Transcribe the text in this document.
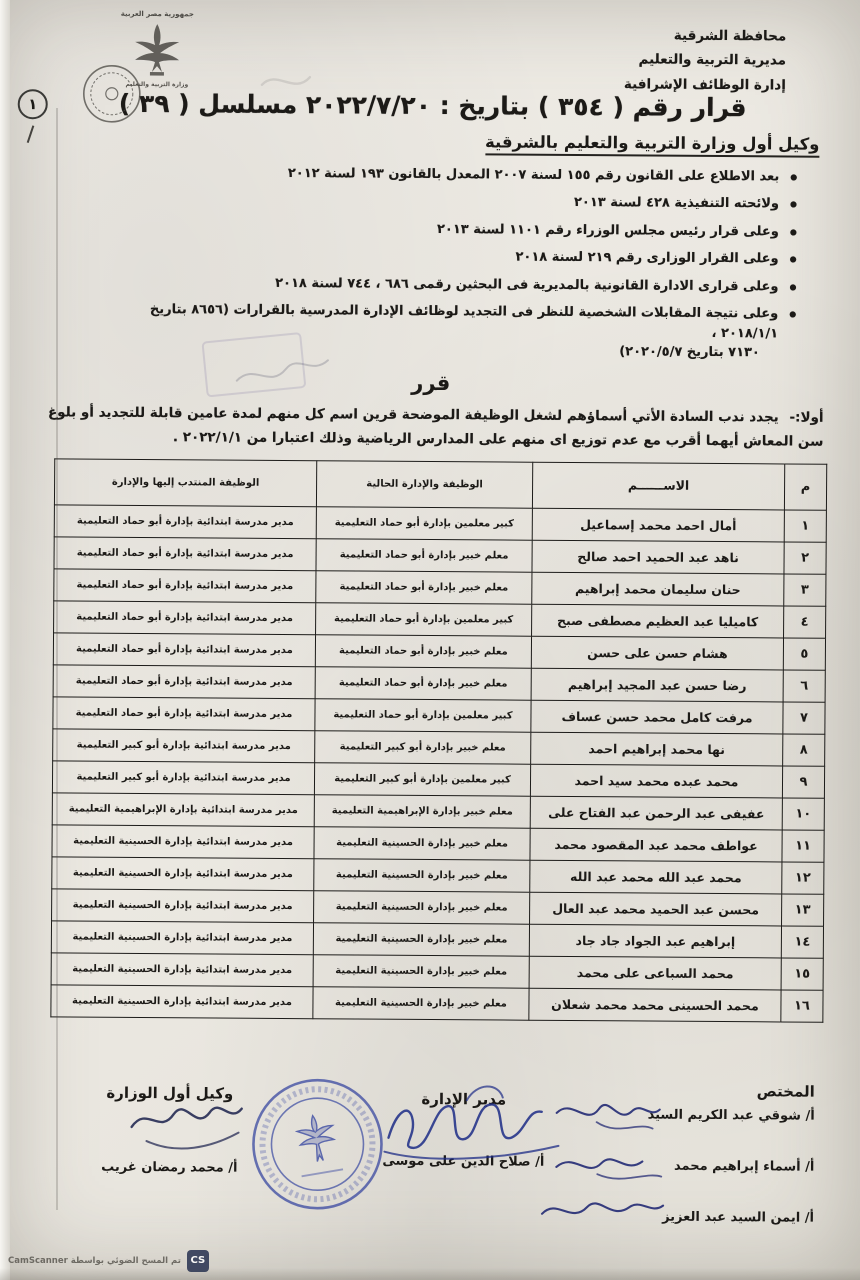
محافظة الشرقية
مديرية التربية والتعليم
إدارة الوظائف الإشرافية
جمهورية مصر العربية
وزارة التربية والتعليم
١	قرار رقم ( ٣٥٤ ) بتاريخ : ٢٠٢٢/٧/٢٠ مسلسل ( ٣٩ )
وكيل أول وزارة التربية والتعليم بالشرقية
● بعد الاطلاع على القانون رقم ١٥٥ لسنة ٢٠٠٧ المعدل بالقانون ١٩٣ لسنة ٢٠١٢
● ولائحته التنفيذية ٤٢٨ لسنة ٢٠١٣
● وعلى قرار رئيس مجلس الوزراء رقم ١١٠١ لسنة ٢٠١٣
● وعلى القرار الوزارى رقم ٢١٩ لسنة ٢٠١٨
● وعلى قرارى الادارة القانونية بالمديرية فى البحثين رقمى ٦٨٦ ، ٧٤٤ لسنة ٢٠١٨
● وعلى نتيجة المقابلات الشخصية للنظر فى التجديد لوظائف الإدارة المدرسية بالقرارات (٨٦٥٦ بتاريخ ٢٠١٨/١/١ ،
٧١٣٠ بتاريخ ٢٠٢٠/٥/٧)
قرر

أولا:- يجدد ندب السادة الأتي أسماؤهم لشغل الوظيفة الموضحة قرين اسم كل منهم لمدة عامين قابلة للتجديد أو بلوغ سن المعاش أيهما أقرب مع عدم توزيع اى منهم على المدارس الرياضية وذلك اعتبارا من ٢٠٢٢/١/١ .

م	الاســــــم	الوظيفة والإدارة الحالية	الوظيفة المنتدب إليها والإدارة
١	أمال احمد محمد إسماعيل	كبير معلمين بإدارة أبو حماد التعليمية	مدير مدرسة ابتدائية بإدارة أبو حماد التعليمية
٢	ناهد عبد الحميد احمد صالح	معلم خبير بإدارة أبو حماد التعليمية	مدير مدرسة ابتدائية بإدارة أبو حماد التعليمية
٣	حنان سليمان محمد إبراهيم	معلم خبير بإدارة أبو حماد التعليمية	مدير مدرسة ابتدائية بإدارة أبو حماد التعليمية
٤	كاميليا عبد العظيم مصطفى صبح	كبير معلمين بإدارة أبو حماد التعليمية	مدير مدرسة ابتدائية بإدارة أبو حماد التعليمية
٥	هشام حسن على حسن	معلم خبير بإدارة أبو حماد التعليمية	مدير مدرسة ابتدائية بإدارة أبو حماد التعليمية
٦	رضا حسن عبد المجيد إبراهيم	معلم خبير بإدارة أبو حماد التعليمية	مدير مدرسة ابتدائية بإدارة أبو حماد التعليمية
٧	مرفت كامل محمد حسن عساف	كبير معلمين بإدارة أبو حماد التعليمية	مدير مدرسة ابتدائية بإدارة أبو حماد التعليمية
٨	نها محمد إبراهيم احمد	معلم خبير بإدارة أبو كبير التعليمية	مدير مدرسة ابتدائية بإدارة أبو كبير التعليمية
٩	محمد عبده محمد سيد احمد	كبير معلمين بإدارة أبو كبير التعليمية	مدير مدرسة ابتدائية بإدارة أبو كبير التعليمية
١٠	عفيفى عبد الرحمن عبد الفتاح على	معلم خبير بإدارة الإبراهيمية التعليمية	مدير مدرسة ابتدائية بإدارة الإبراهيمية التعليمية
١١	عواطف محمد عبد المقصود محمد	معلم خبير بإدارة الحسينية التعليمية	مدير مدرسة ابتدائية بإدارة الحسينية التعليمية
١٢	محمد عبد الله محمد عبد الله	معلم خبير بإدارة الحسينية التعليمية	مدير مدرسة ابتدائية بإدارة الحسينية التعليمية
١٣	محسن عبد الحميد محمد عبد العال	معلم خبير بإدارة الحسينية التعليمية	مدير مدرسة ابتدائية بإدارة الحسينية التعليمية
١٤	إبراهيم عبد الجواد جاد جاد	معلم خبير بإدارة الحسينية التعليمية	مدير مدرسة ابتدائية بإدارة الحسينية التعليمية
١٥	محمد السباعى على محمد	معلم خبير بإدارة الحسينية التعليمية	مدير مدرسة ابتدائية بإدارة الحسينية التعليمية
١٦	محمد الحسينى محمد محمد شعلان	معلم خبير بإدارة الحسينية التعليمية	مدير مدرسة ابتدائية بإدارة الحسينية التعليمية
المختص
أ/ شوقي عبد الكريم السيد
أ/ أسماء إبراهيم محمد
أ/ ايمن السيد عبد العزيز
مدير الإدارة
أ/ صلاح الدين على موسى
وكيل أول الوزارة
أ/ محمد رمضان غريب
CS
تم المسح الضوئي بواسطة CamScanner
